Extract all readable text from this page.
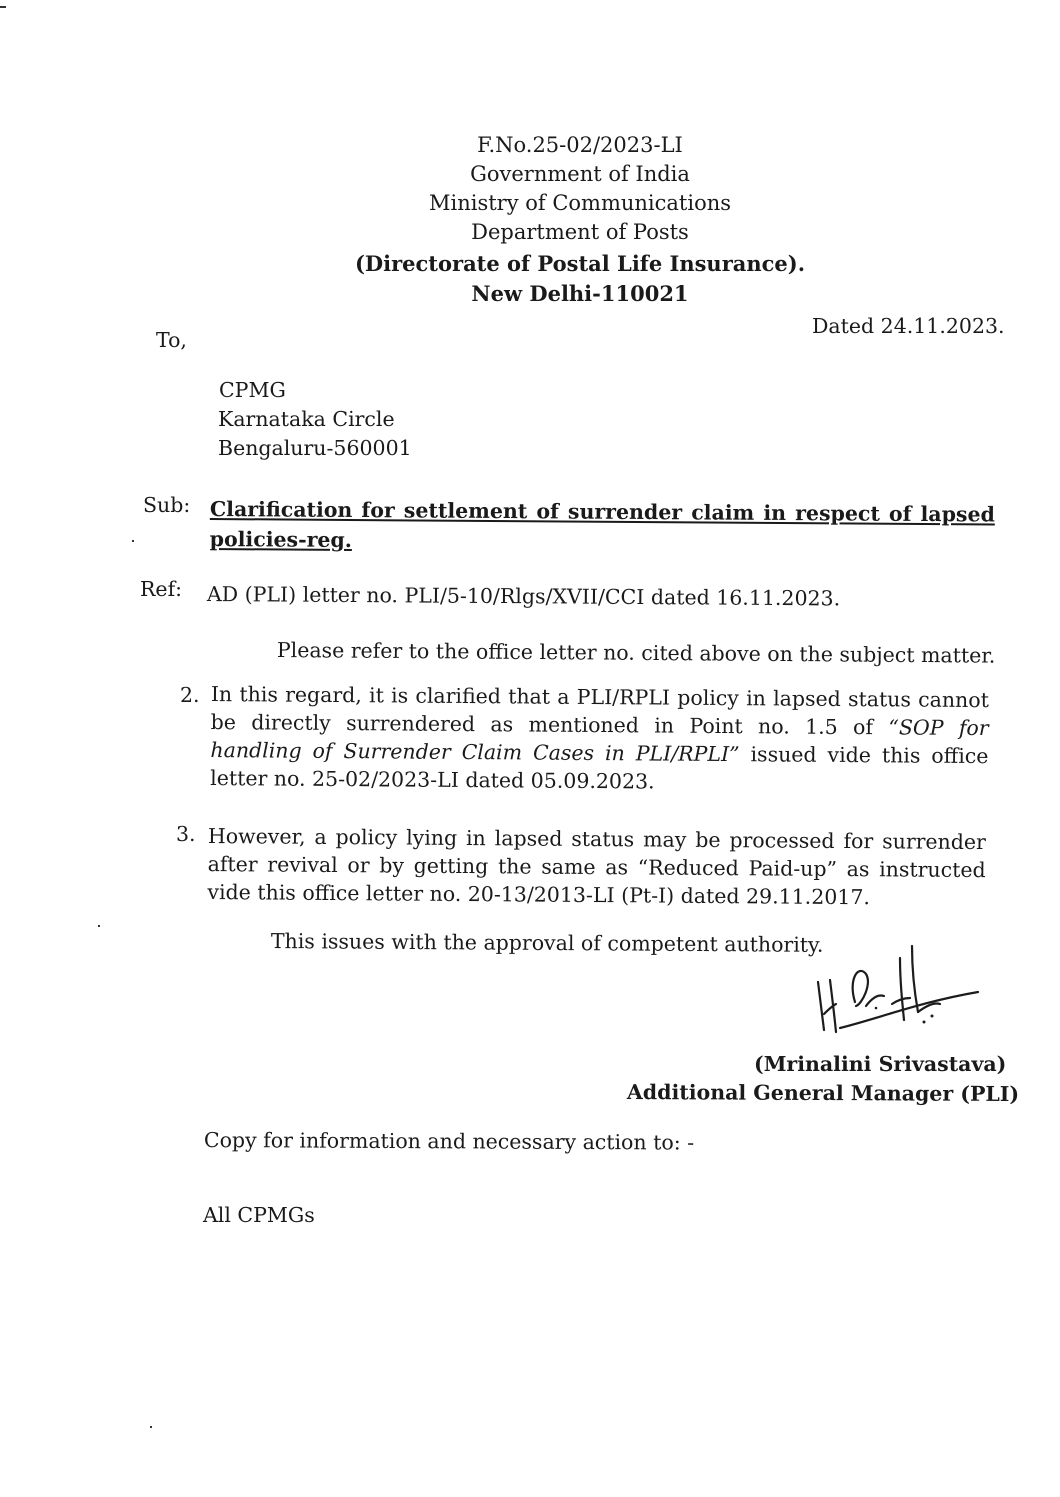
F.No.25-02/2023-LI
Government of India
Ministry of Communications
Department of Posts
(Directorate of Postal Life Insurance).
New Delhi-110021
Dated 24.11.2023.
To,
CPMG
Karnataka Circle
Bengaluru-560001
Sub: Clarification for settlement of surrender claim in respect of lapsed policies-reg.
Ref: AD (PLI) letter no. PLI/5-10/Rlgs/XVII/CCI dated 16.11.2023.
Please refer to the office letter no. cited above on the subject matter.
2. In this regard, it is clarified that a PLI/RPLI policy in lapsed status cannot be directly surrendered as mentioned in Point no. 1.5 of “SOP for handling of Surrender Claim Cases in PLI/RPLI” issued vide this office letter no. 25-02/2023-LI dated 05.09.2023.
3. However, a policy lying in lapsed status may be processed for surrender after revival or by getting the same as “Reduced Paid-up” as instructed vide this office letter no. 20-13/2013-LI (Pt-I) dated 29.11.2017.
This issues with the approval of competent authority.
(Mrinalini Srivastava)
Additional General Manager (PLI)
Copy for information and necessary action to: -
All CPMGs
